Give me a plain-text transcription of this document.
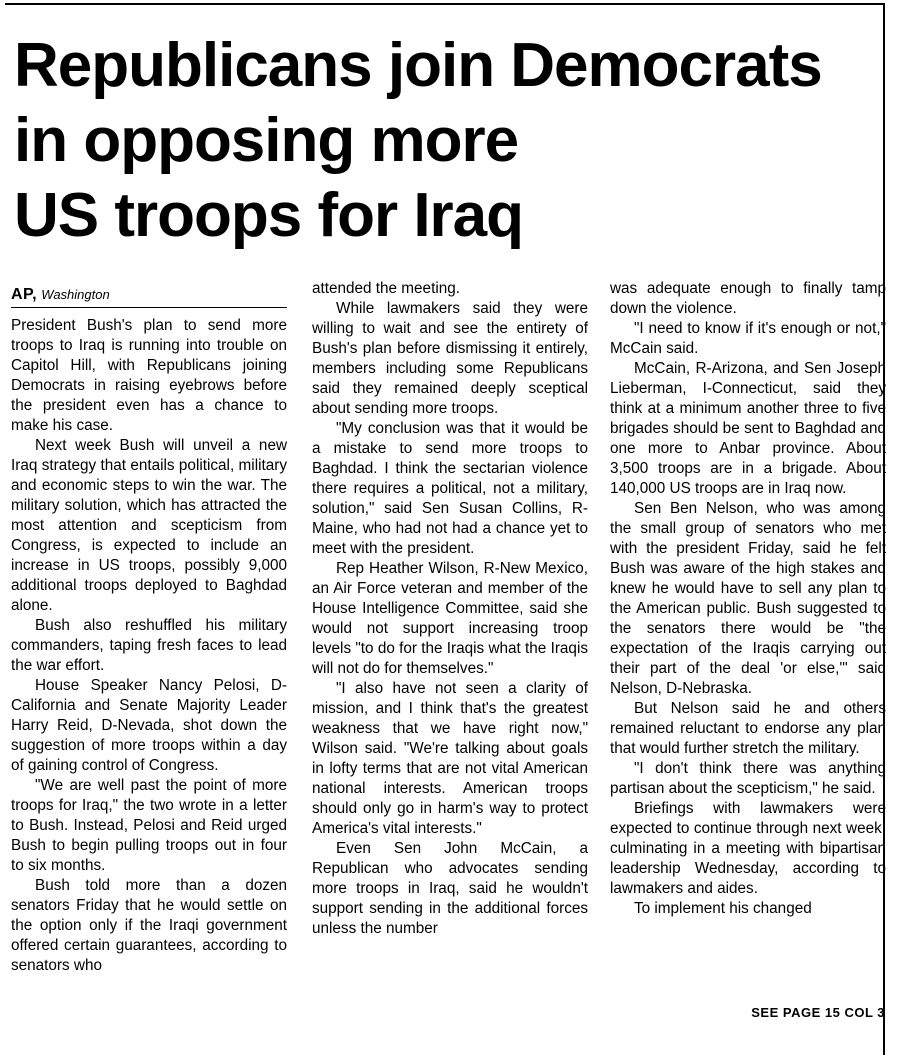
Republicans join Democrats
in opposing more
US troops for Iraq
AP, Washington

President Bush's plan to send more troops to Iraq is running into trouble on Capitol Hill, with Republicans joining Democrats in raising eyebrows before the president even has a chance to make his case.

Next week Bush will unveil a new Iraq strategy that entails political, military and economic steps to win the war. The military solution, which has attracted the most attention and scepticism from Congress, is expected to include an increase in US troops, possibly 9,000 additional troops deployed to Baghdad alone.

Bush also reshuffled his military commanders, taping fresh faces to lead the war effort.

House Speaker Nancy Pelosi, D-California and Senate Majority Leader Harry Reid, D-Nevada, shot down the suggestion of more troops within a day of gaining control of Congress.

"We are well past the point of more troops for Iraq," the two wrote in a letter to Bush. Instead, Pelosi and Reid urged Bush to begin pulling troops out in four to six months.

Bush told more than a dozen senators Friday that he would settle on the option only if the Iraqi government offered certain guarantees, according to senators who

attended the meeting.

While lawmakers said they were willing to wait and see the entirety of Bush's plan before dismissing it entirely, members including some Republicans said they remained deeply sceptical about sending more troops.

"My conclusion was that it would be a mistake to send more troops to Baghdad. I think the sectarian violence there requires a political, not a military, solution," said Sen Susan Collins, R-Maine, who had not had a chance yet to meet with the president.

Rep Heather Wilson, R-New Mexico, an Air Force veteran and member of the House Intelligence Committee, said she would not support increasing troop levels "to do for the Iraqis what the Iraqis will not do for themselves."

"I also have not seen a clarity of mission, and I think that's the greatest weakness that we have right now," Wilson said. "We're talking about goals in lofty terms that are not vital American national interests. American troops should only go in harm's way to protect America's vital interests."

Even Sen John McCain, a Republican who advocates sending more troops in Iraq, said he wouldn't support sending in the additional forces unless the number

was adequate enough to finally tamp down the violence.

"I need to know if it's enough or not," McCain said.

McCain, R-Arizona, and Sen Joseph Lieberman, I-Connecticut, said they think at a minimum another three to five brigades should be sent to Baghdad and one more to Anbar province. About 3,500 troops are in a brigade. About 140,000 US troops are in Iraq now.

Sen Ben Nelson, who was among the small group of senators who met with the president Friday, said he felt Bush was aware of the high stakes and knew he would have to sell any plan to the American public. Bush suggested to the senators there would be "the expectation of the Iraqis carrying out their part of the deal 'or else,'" said Nelson, D-Nebraska.

But Nelson said he and others remained reluctant to endorse any plan that would further stretch the military.

"I don't think there was anything partisan about the scepticism," he said.

Briefings with lawmakers were expected to continue through next week, culminating in a meeting with bipartisan leadership Wednesday, according to lawmakers and aides.

To implement his changed

SEE PAGE 15 COL 3
